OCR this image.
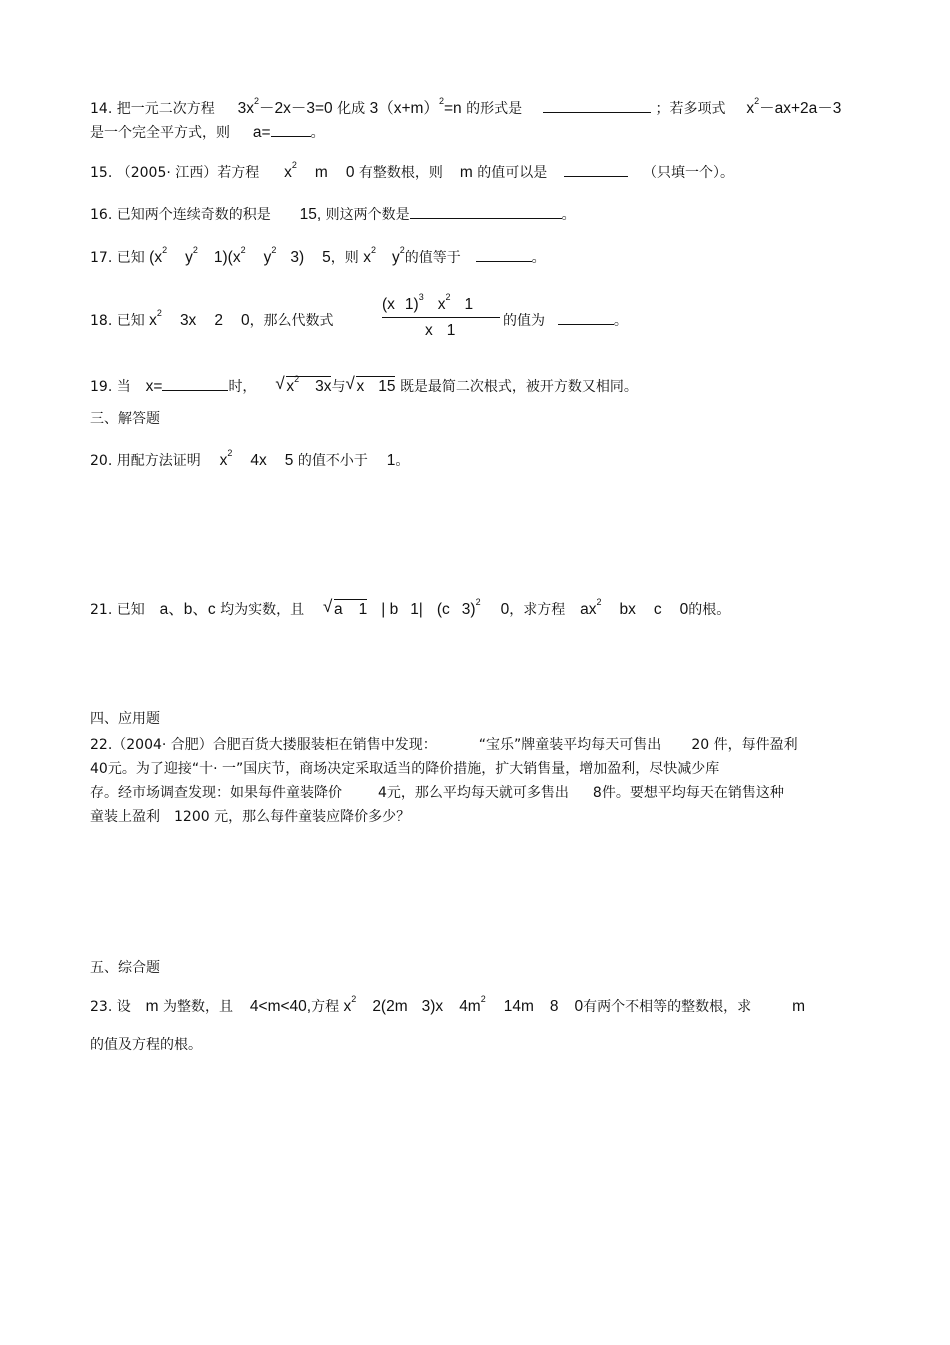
14. 把一元二次方程 $3x^2-2x-3=0$ 化成 $3(x+m)^2=n$ 的形式是	；若多项式 $x^2-ax+2a-3$
是一个完全平方式，则 a=	。
15. （2005· 江西）若方程 $x^2$ m 0 有整数根，则 m 的值可以是	（只填一个）。
16. 已知两个连续奇数的积是 15, 则这两个数是	。
17. 已知 ($x^2$ $y^2$ $1)(x^2$ $y^2$ 3) 5，则 $x^2$ $y^2$的值等于	。
18. 已知 $x^2$ 3x 2 0，那么代数式
(x 1)$^3$ $x^2$ 1
x 1
的值为	。
19. 当 x=	时， √ $x^2$ 3x与 √ x 15 既是最简二次根式，被开方数又相同。
三、解答题
20. 用配方法证明 $x^2$ 4x 5 的值不小于 1。
21. 已知 a、b、c 均为实数，且 √ a 1 | b 1| (c 3)$^2$ 0，求方程 $ax^2$ bx c 0的根。
四、应用题
22.（2004· 合肥）合肥百货大搂服装柜在销售中发现：	“宝乐”牌童装平均每天可售出 20 件，每件盈利
40元。为了迎接“十· 一”国庆节，商场决定采取适当的降价措施，扩大销售量，增加盈利，尽快减少库
存。经市场调查发现：如果每件童装降价	4元，那么平均每天就可多售出 8件。要想平均每天在销售这种
童装上盈利 1200 元，那么每件童装应降价多少？
五、综合题
23. 设 m 为整数，且 4<m<40,方程 $x^2$ 2(2m 3)x $4m^2$ 14m 8 0有两个不相等的整数根，求	m
的值及方程的根。
